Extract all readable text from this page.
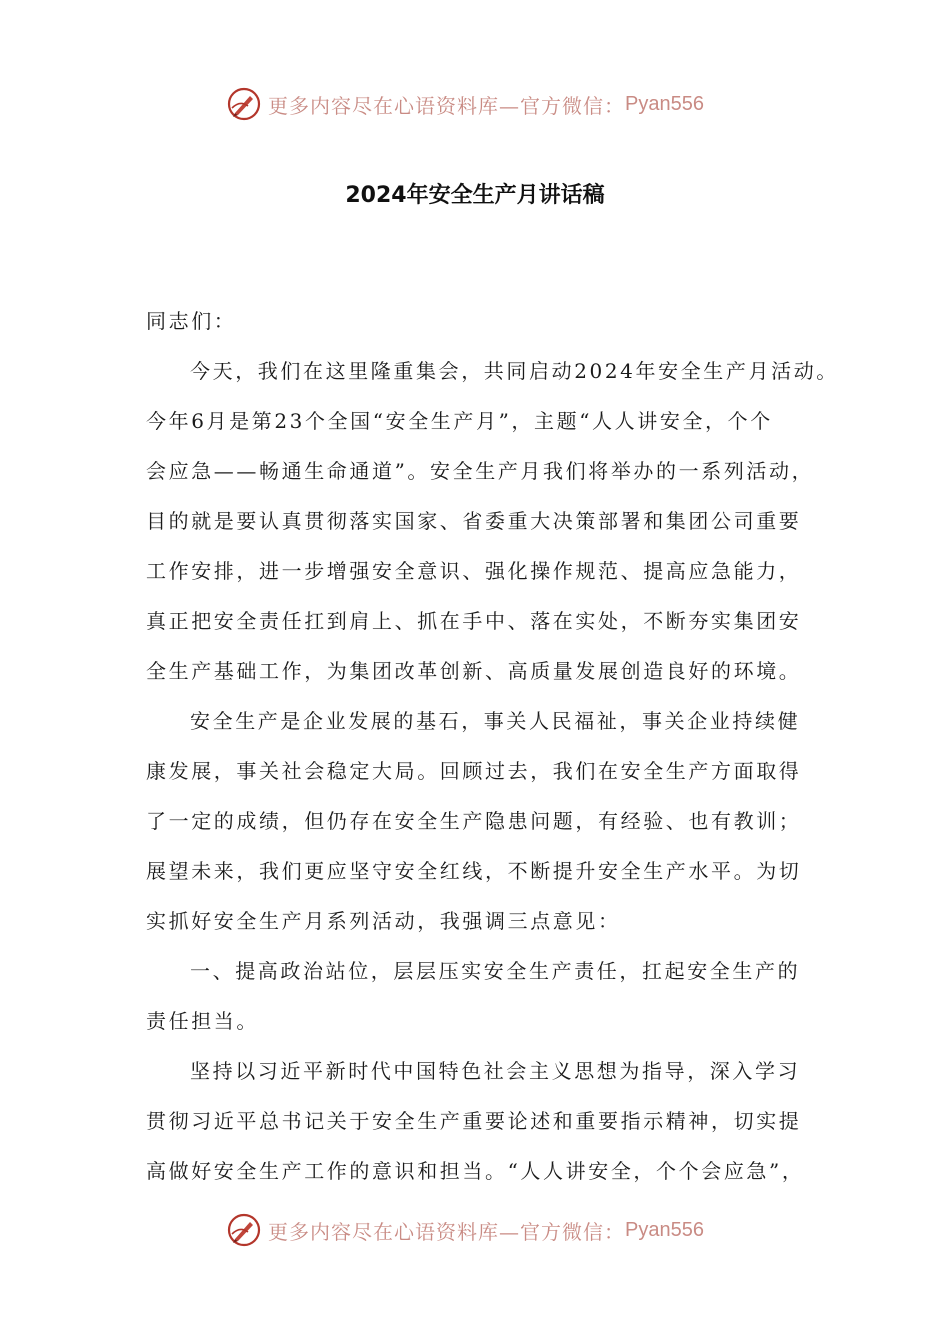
更多内容尽在心语资料库—官方微信： Pyan556
2024年安全生产月讲话稿
同志们：
今天，我们在这里隆重集会，共同启动2024年安全生产月活动。
今年6月是第23个全国“安全生产月”，主题“人人讲安全，个个
会应急——畅通生命通道”。安全生产月我们将举办的一系列活动，
目的就是要认真贯彻落实国家、省委重大决策部署和集团公司重要
工作安排，进一步增强安全意识、强化操作规范、提高应急能力，
真正把安全责任扛到肩上、抓在手中、落在实处，不断夯实集团安
全生产基础工作，为集团改革创新、高质量发展创造良好的环境。
安全生产是企业发展的基石，事关人民福祉，事关企业持续健
康发展，事关社会稳定大局。回顾过去，我们在安全生产方面取得
了一定的成绩，但仍存在安全生产隐患问题，有经验、也有教训；
展望未来，我们更应坚守安全红线，不断提升安全生产水平。为切
实抓好安全生产月系列活动，我强调三点意见：
一、提高政治站位，层层压实安全生产责任，扛起安全生产的
责任担当。
坚持以习近平新时代中国特色社会主义思想为指导，深入学习
贯彻习近平总书记关于安全生产重要论述和重要指示精神，切实提
高做好安全生产工作的意识和担当。“人人讲安全，个个会应急”，
更多内容尽在心语资料库—官方微信： Pyan556
